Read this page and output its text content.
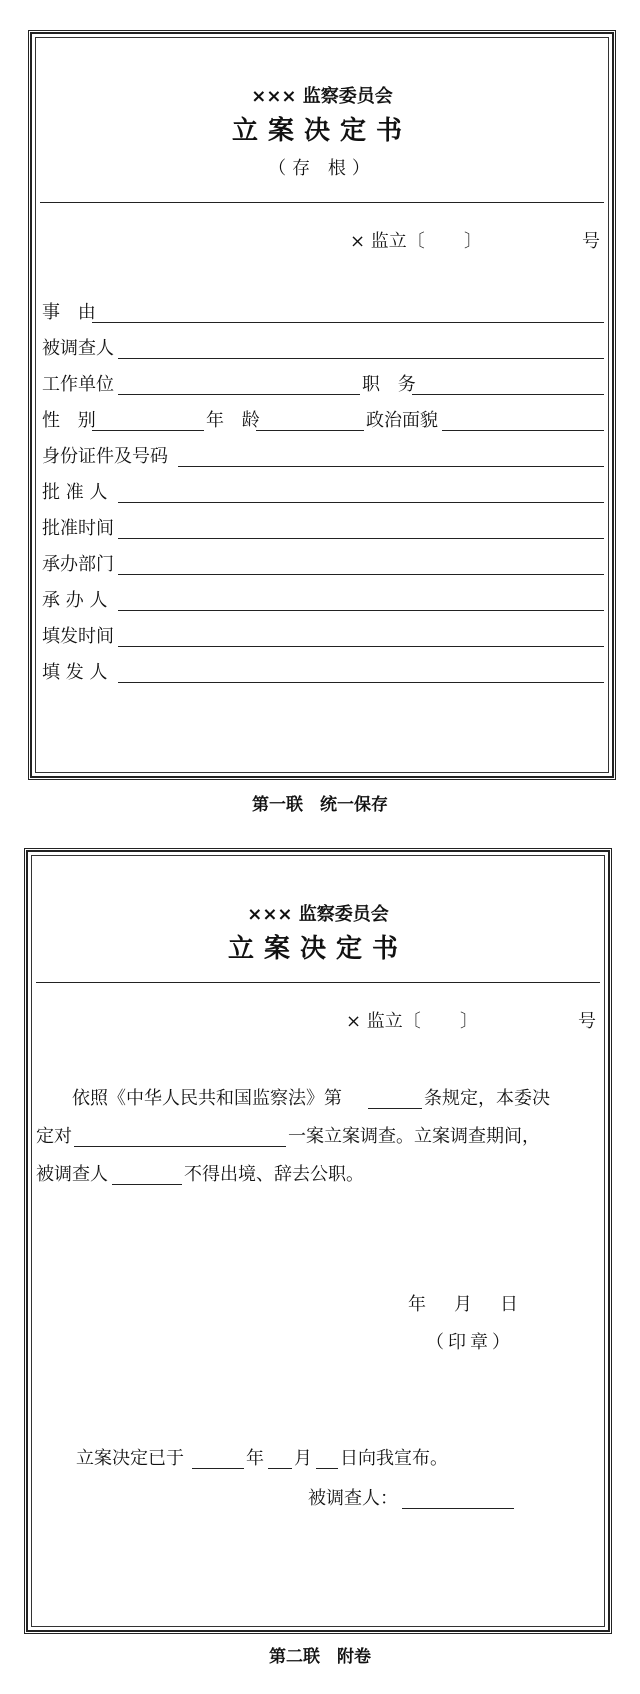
××× 监察委员会
立案决定书
（存 根）
× 监立〔 〕	号
事 由
被调查人
工作单位	职 务
性 别	年 龄	政治面貌
身份证件及号码
批 准 人
批准时间
承办部门
承 办 人
填发时间
填 发 人
第一联　统一保存
××× 监察委员会
立案决定书
× 监立〔 〕	号
依照《中华人民共和国监察法》第	条规定，本委决
定对	一案立案调查。立案调查期间，
被调查人	不得出境、辞去公职。
年 月 日
（印章）
立案决定已于	年 月 日向我宣布。
被调查人：
第二联　附卷
